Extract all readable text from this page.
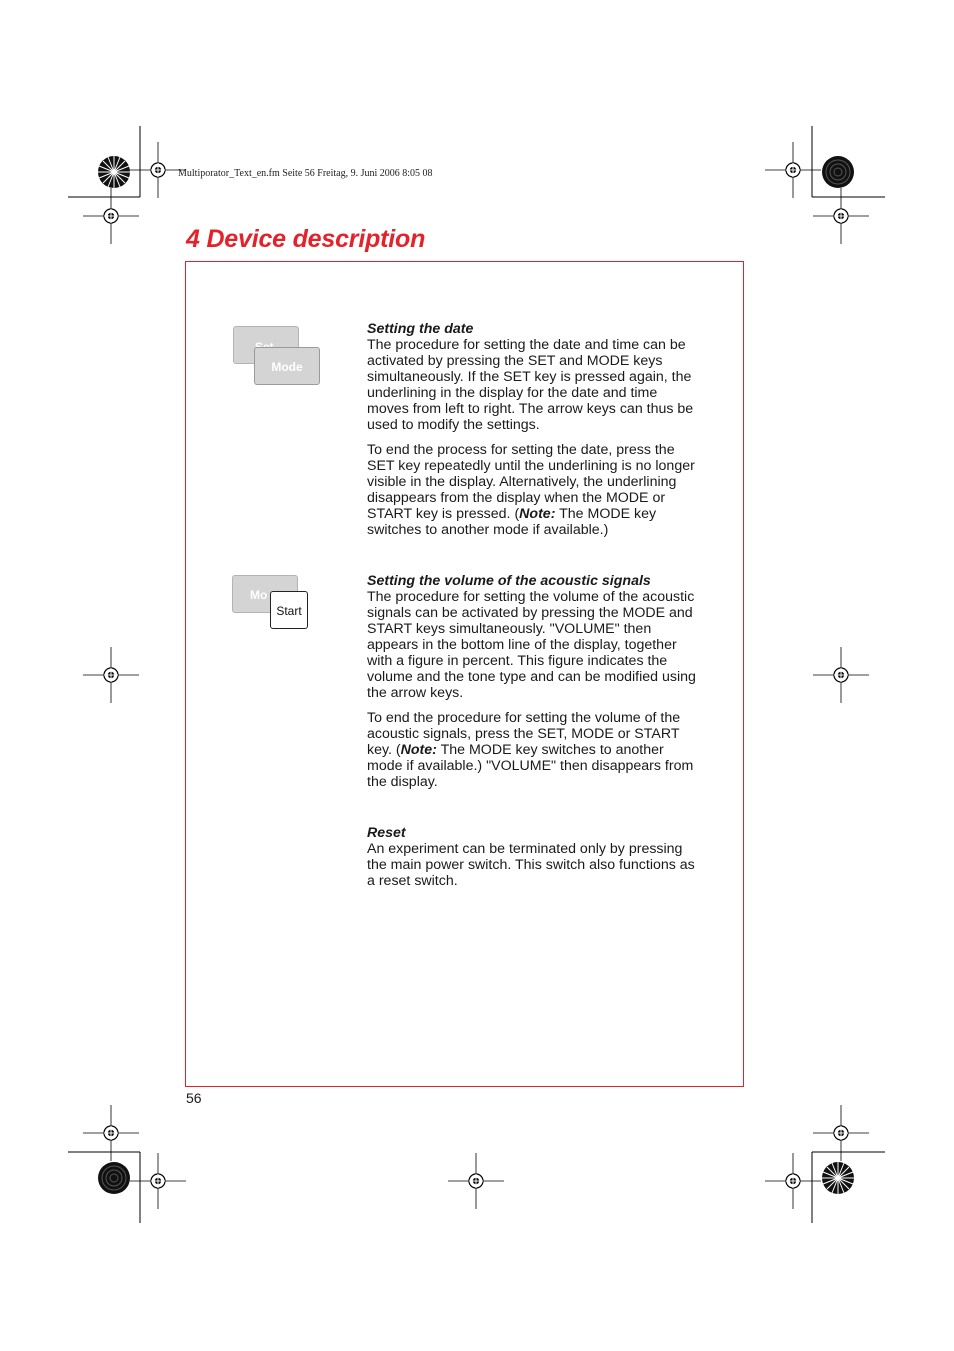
Multiporator_Text_en.fm Seite 56 Freitag, 9. Juni 2006 8:05 08
4 Device description
Mode
Mo
Start

Setting the date

The procedure for setting the date and time can be activated by pressing the SET and MODE keys simultaneously. If the SET key is pressed again, the underlining in the display for the date and time moves from left to right. The arrow keys can thus be used to modify the settings.

To end the process for setting the date, press the SET key repeatedly until the underlining is no longer visible in the display. Alternatively, the underlining disappears from the display when the MODE or START key is pressed. (Note: The MODE key switches to another mode if available.)

Setting the volume of the acoustic signals

The procedure for setting the volume of the acoustic signals can be activated by pressing the MODE and START keys simultaneously. "VOLUME" then appears in the bottom line of the display, together with a figure in percent. This figure indicates the volume and the tone type and can be modified using the arrow keys.

To end the procedure for setting the volume of the acoustic signals, press the SET, MODE or START key. (Note: The MODE key switches to another mode if available.) "VOLUME" then disappears from the display.

Reset

An experiment can be terminated only by pressing the main power switch. This switch also functions as a reset switch.

56
